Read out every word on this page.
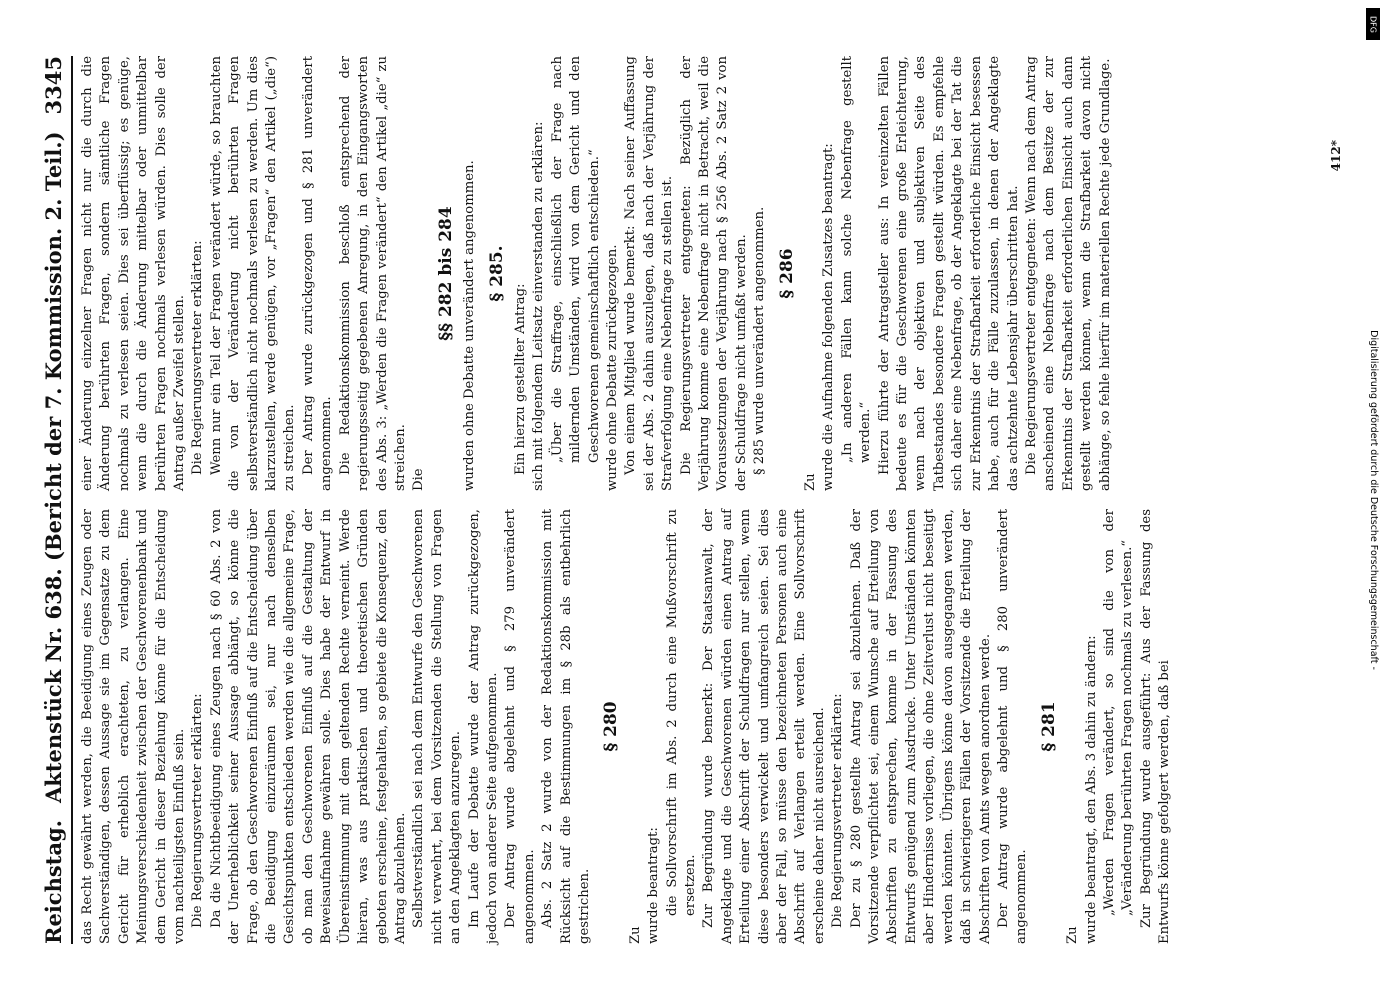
Reichstag.
Aktenstück Nr. 638. (Bericht der 7. Kommission. 2. Teil.)
3345

das Recht gewährt werden, die Beeidigung eines Zeugen oder Sachverständigen, dessen Aussage sie im Gegensatze zu dem Gericht für erheblich erachteten, zu verlangen. Eine Meinungsverschiedenheit zwischen der Geschworenenbank und dem Gericht in dieser Beziehung könne für die Entscheidung vom nachteiligsten Einfluß sein. Die Regierungsvertreter erklärten: Da die Nichtbeeidigung eines Zeugen nach § 60 Abs. 2 von der Unerheblichkeit seiner Aussage abhängt, so könne die Frage, ob den Geschworenen Einfluß auf die Entscheidung über die Beeidigung einzuräumen sei, nur nach denselben Gesichtspunkten entschieden werden wie die allgemeine Frage, ob man den Geschworenen Einfluß auf die Gestaltung der Beweisaufnahme gewähren solle. Dies habe der Entwurf in Übereinstimmung mit dem geltenden Rechte verneint. Werde hieran, was aus praktischen und theoretischen Gründen geboten erscheine, festgehalten, so gebiete die Konsequenz, den Antrag abzulehnen. Selbstverständlich sei nach dem Entwurfe den Geschworenen nicht verwehrt, bei dem Vorsitzenden die Stellung von Fragen an den Angeklagten anzuregen. Im Laufe der Debatte wurde der Antrag zurückgezogen, jedoch von anderer Seite aufgenommen. Der Antrag wurde abgelehnt und § 279 unverändert angenommen. Abs. 2 Satz 2 wurde von der Redaktionskommission mit Rücksicht auf die Bestimmungen im § 28b als entbehrlich gestrichen.

§ 280

Zu wurde beantragt: die Sollvorschrift im Abs. 2 durch eine Mußvorschrift zu ersetzen. Zur Begründung wurde bemerkt: Der Staatsanwalt, der Angeklagte und die Geschworenen würden einen Antrag auf Erteilung einer Abschrift der Schuldfragen nur stellen, wenn diese besonders verwickelt und umfangreich seien. Sei dies aber der Fall, so müsse den bezeichneten Personen auch eine Abschrift auf Verlangen erteilt werden. Eine Sollvorschrift erscheine daher nicht ausreichend. Die Regierungsvertreter erklärten: Der zu § 280 gestellte Antrag sei abzulehnen. Daß der Vorsitzende verpflichtet sei, einem Wunsche auf Erteilung von Abschriften zu entsprechen, komme in der Fassung des Entwurfs genügend zum Ausdrucke. Unter Umständen könnten aber Hindernisse vorliegen, die ohne Zeitverlust nicht beseitigt werden könnten. Übrigens könne davon ausgegangen werden, daß in schwierigeren Fällen der Vorsitzende die Erteilung der Abschriften von Amts wegen anordnen werde. Der Antrag wurde abgelehnt und § 280 unverändert angenommen.

§ 281

Zu wurde beantragt, den Abs. 3 dahin zu ändern: „Werden Fragen verändert, so sind die von der „Veränderung berührten Fragen nochmals zu verlesen.“ Zur Begründung wurde ausgeführt: Aus der Fassung des Entwurfs könne gefolgert werden, daß bei

einer Änderung einzelner Fragen nicht nur die durch die Änderung berührten Fragen, sondern sämtliche Fragen nochmals zu verlesen seien. Dies sei überflüssig; es genüge, wenn die durch die Änderung mittelbar oder unmittelbar berührten Fragen nochmals verlesen würden. Dies solle der Antrag außer Zweifel stellen. Die Regierungsvertreter erklärten: Wenn nur ein Teil der Fragen verändert würde, so brauchten die von der Veränderung nicht berührten Fragen selbstverständlich nicht nochmals verlesen zu werden. Um dies klarzustellen, werde genügen, vor „Fragen“ den Artikel („die“) zu streichen. Der Antrag wurde zurückgezogen und § 281 unverändert angenommen. Die Redaktionskommission beschloß entsprechend der regierungsseitig gegebenen Anregung, in den Eingangsworten des Abs. 3: „Werden die Fragen verändert“ den Artikel „die“ zu streichen. Die

§§ 282 bis 284 wurden ohne Debatte unverändert angenommen. § 285.

Ein hierzu gestellter Antrag: sich mit folgendem Leitsatz einverstanden zu erklären: „Über die Straffrage, einschließlich der Frage nach mildernden Umständen, wird von dem Gericht und den Geschworenen gemeinschaftlich entschieden.“ wurde ohne Debatte zurückgezogen. Von einem Mitglied wurde bemerkt: Nach seiner Auffassung sei der Abs. 2 dahin auszulegen, daß nach der Verjährung der Strafverfolgung eine Nebenfrage zu stellen ist. Die Regierungsvertreter entgegneten: Bezüglich der Verjährung komme eine Nebenfrage nicht in Betracht, weil die Voraussetzungen der Verjährung nach § 256 Abs. 2 Satz 2 von der Schuldfrage nicht umfaßt werden. § 285 wurde unverändert angenommen. § 286

Zu wurde die Aufnahme folgenden Zusatzes beantragt: „In anderen Fällen kann solche Nebenfrage gestellt werden.“ Hierzu führte der Antragsteller aus: In vereinzelten Fällen bedeute es für die Geschworenen eine große Erleichterung, wenn nach der objektiven und subjektiven Seite des Tatbestandes besondere Fragen gestellt würden. Es empfehle sich daher eine Nebenfrage, ob der Angeklagte bei der Tat die zur Erkenntnis der Strafbarkeit erforderliche Einsicht besessen habe, auch für die Fälle zuzulassen, in denen der Angeklagte das achtzehnte Lebensjahr überschritten hat. Die Regierungsvertreter entgegneten: Wenn nach dem Antrag anscheinend eine Nebenfrage nach dem Besitze der zur Erkenntnis der Strafbarkeit erforderlichen Einsicht auch dann gestellt werden können, wenn die Strafbarkeit davon nicht abhänge, so fehle hierfür im materiellen Rechte jede Grundlage.	412*
Digitalisierung gefördert durch die Deutsche Forschungsgemeinschaft -
DFG
